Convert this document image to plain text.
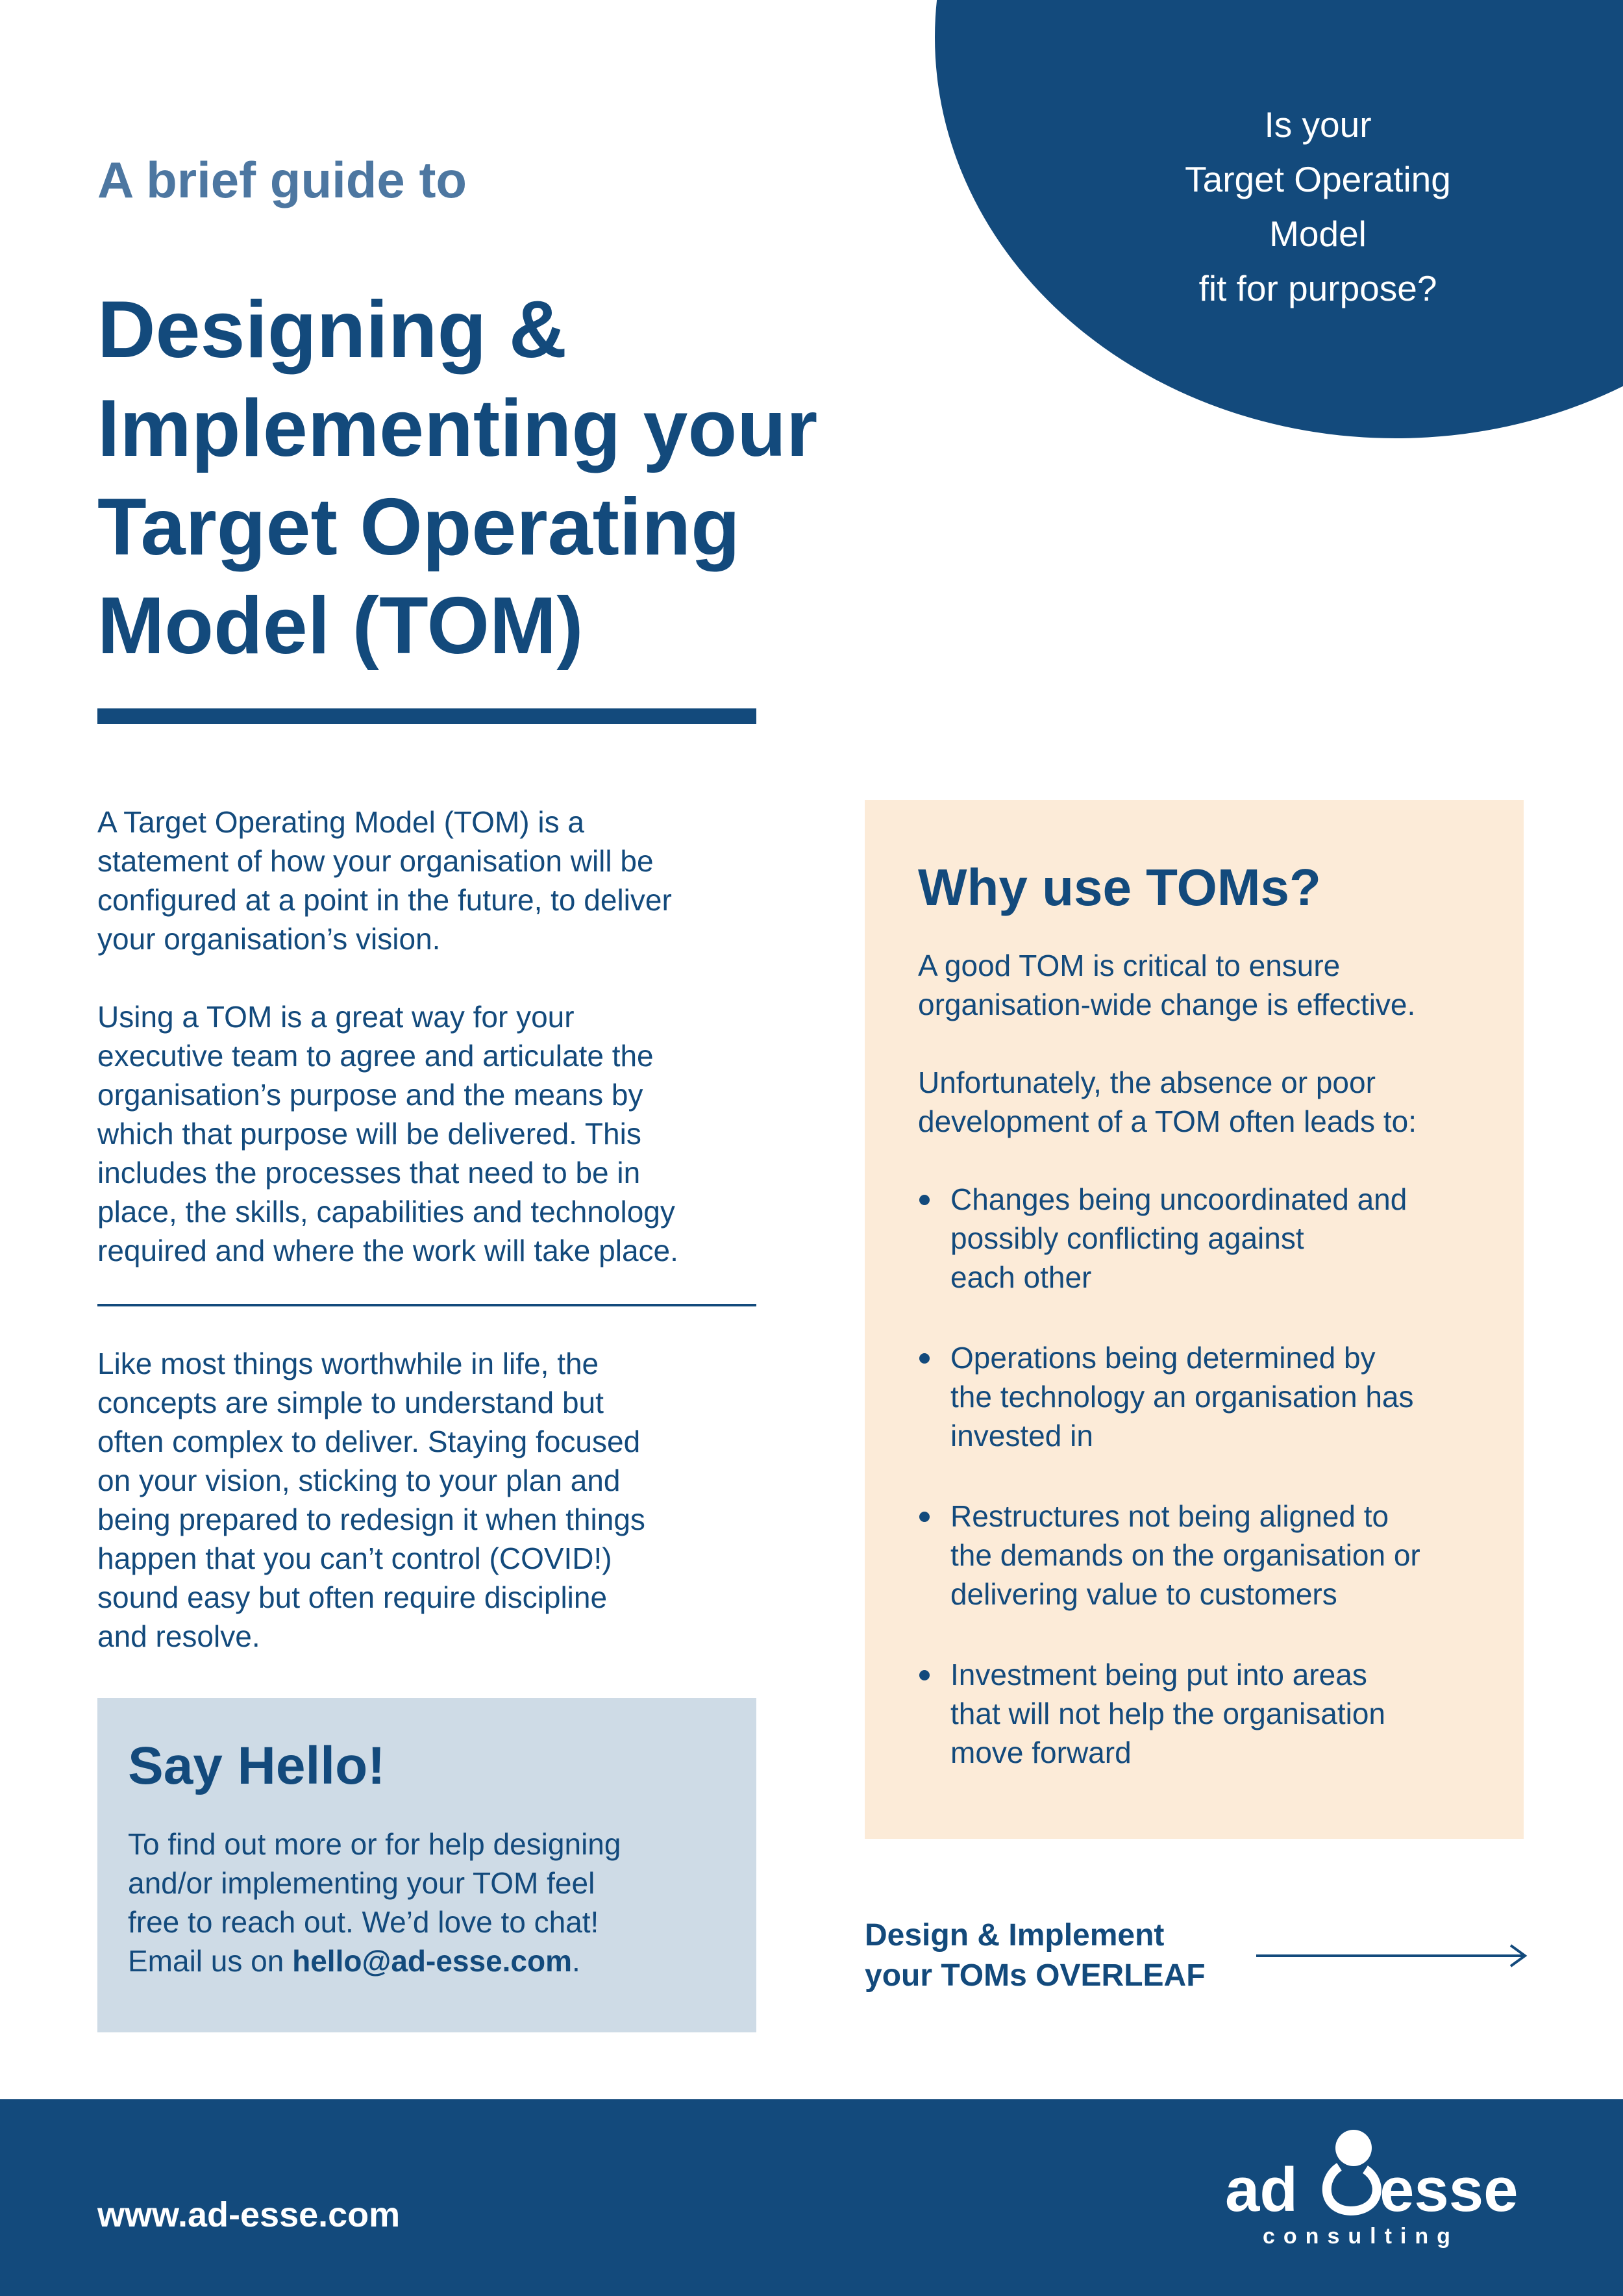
Is your
Target Operating
Model
fit for purpose?
A brief guide to
Designing &
Implementing your
Target Operating
Model (TOM)
A Target Operating Model (TOM) is a
statement of how your organisation will be
configured at a point in the future, to deliver
your organisation’s vision.
Using a TOM is a great way for your
executive team to agree and articulate the
organisation’s purpose and the means by
which that purpose will be delivered. This
includes the processes that need to be in
place, the skills, capabilities and technology
required and where the work will take place.
Like most things worthwhile in life, the
concepts are simple to understand but
often complex to deliver. Staying focused
on your vision, sticking to your plan and
being prepared to redesign it when things
happen that you can’t control (COVID!)
sound easy but often require discipline
and resolve.
Say Hello!
To find out more or for help designing
and/or implementing your TOM feel
free to reach out. We’d love to chat!
Email us on hello@ad-esse.com.
Why use TOMs?
A good TOM is critical to ensure
organisation-wide change is effective.
Unfortunately, the absence or poor
development of a TOM often leads to:
Changes being uncoordinated and
possibly conflicting against
each other
Operations being determined by
the technology an organisation has
invested in
Restructures not being aligned to
the demands on the organisation or
delivering value to customers
Investment being put into areas
that will not help the organisation
move forward
Design & Implement
your TOMs OVERLEAF
www.ad-esse.com	ad esse
consulting
